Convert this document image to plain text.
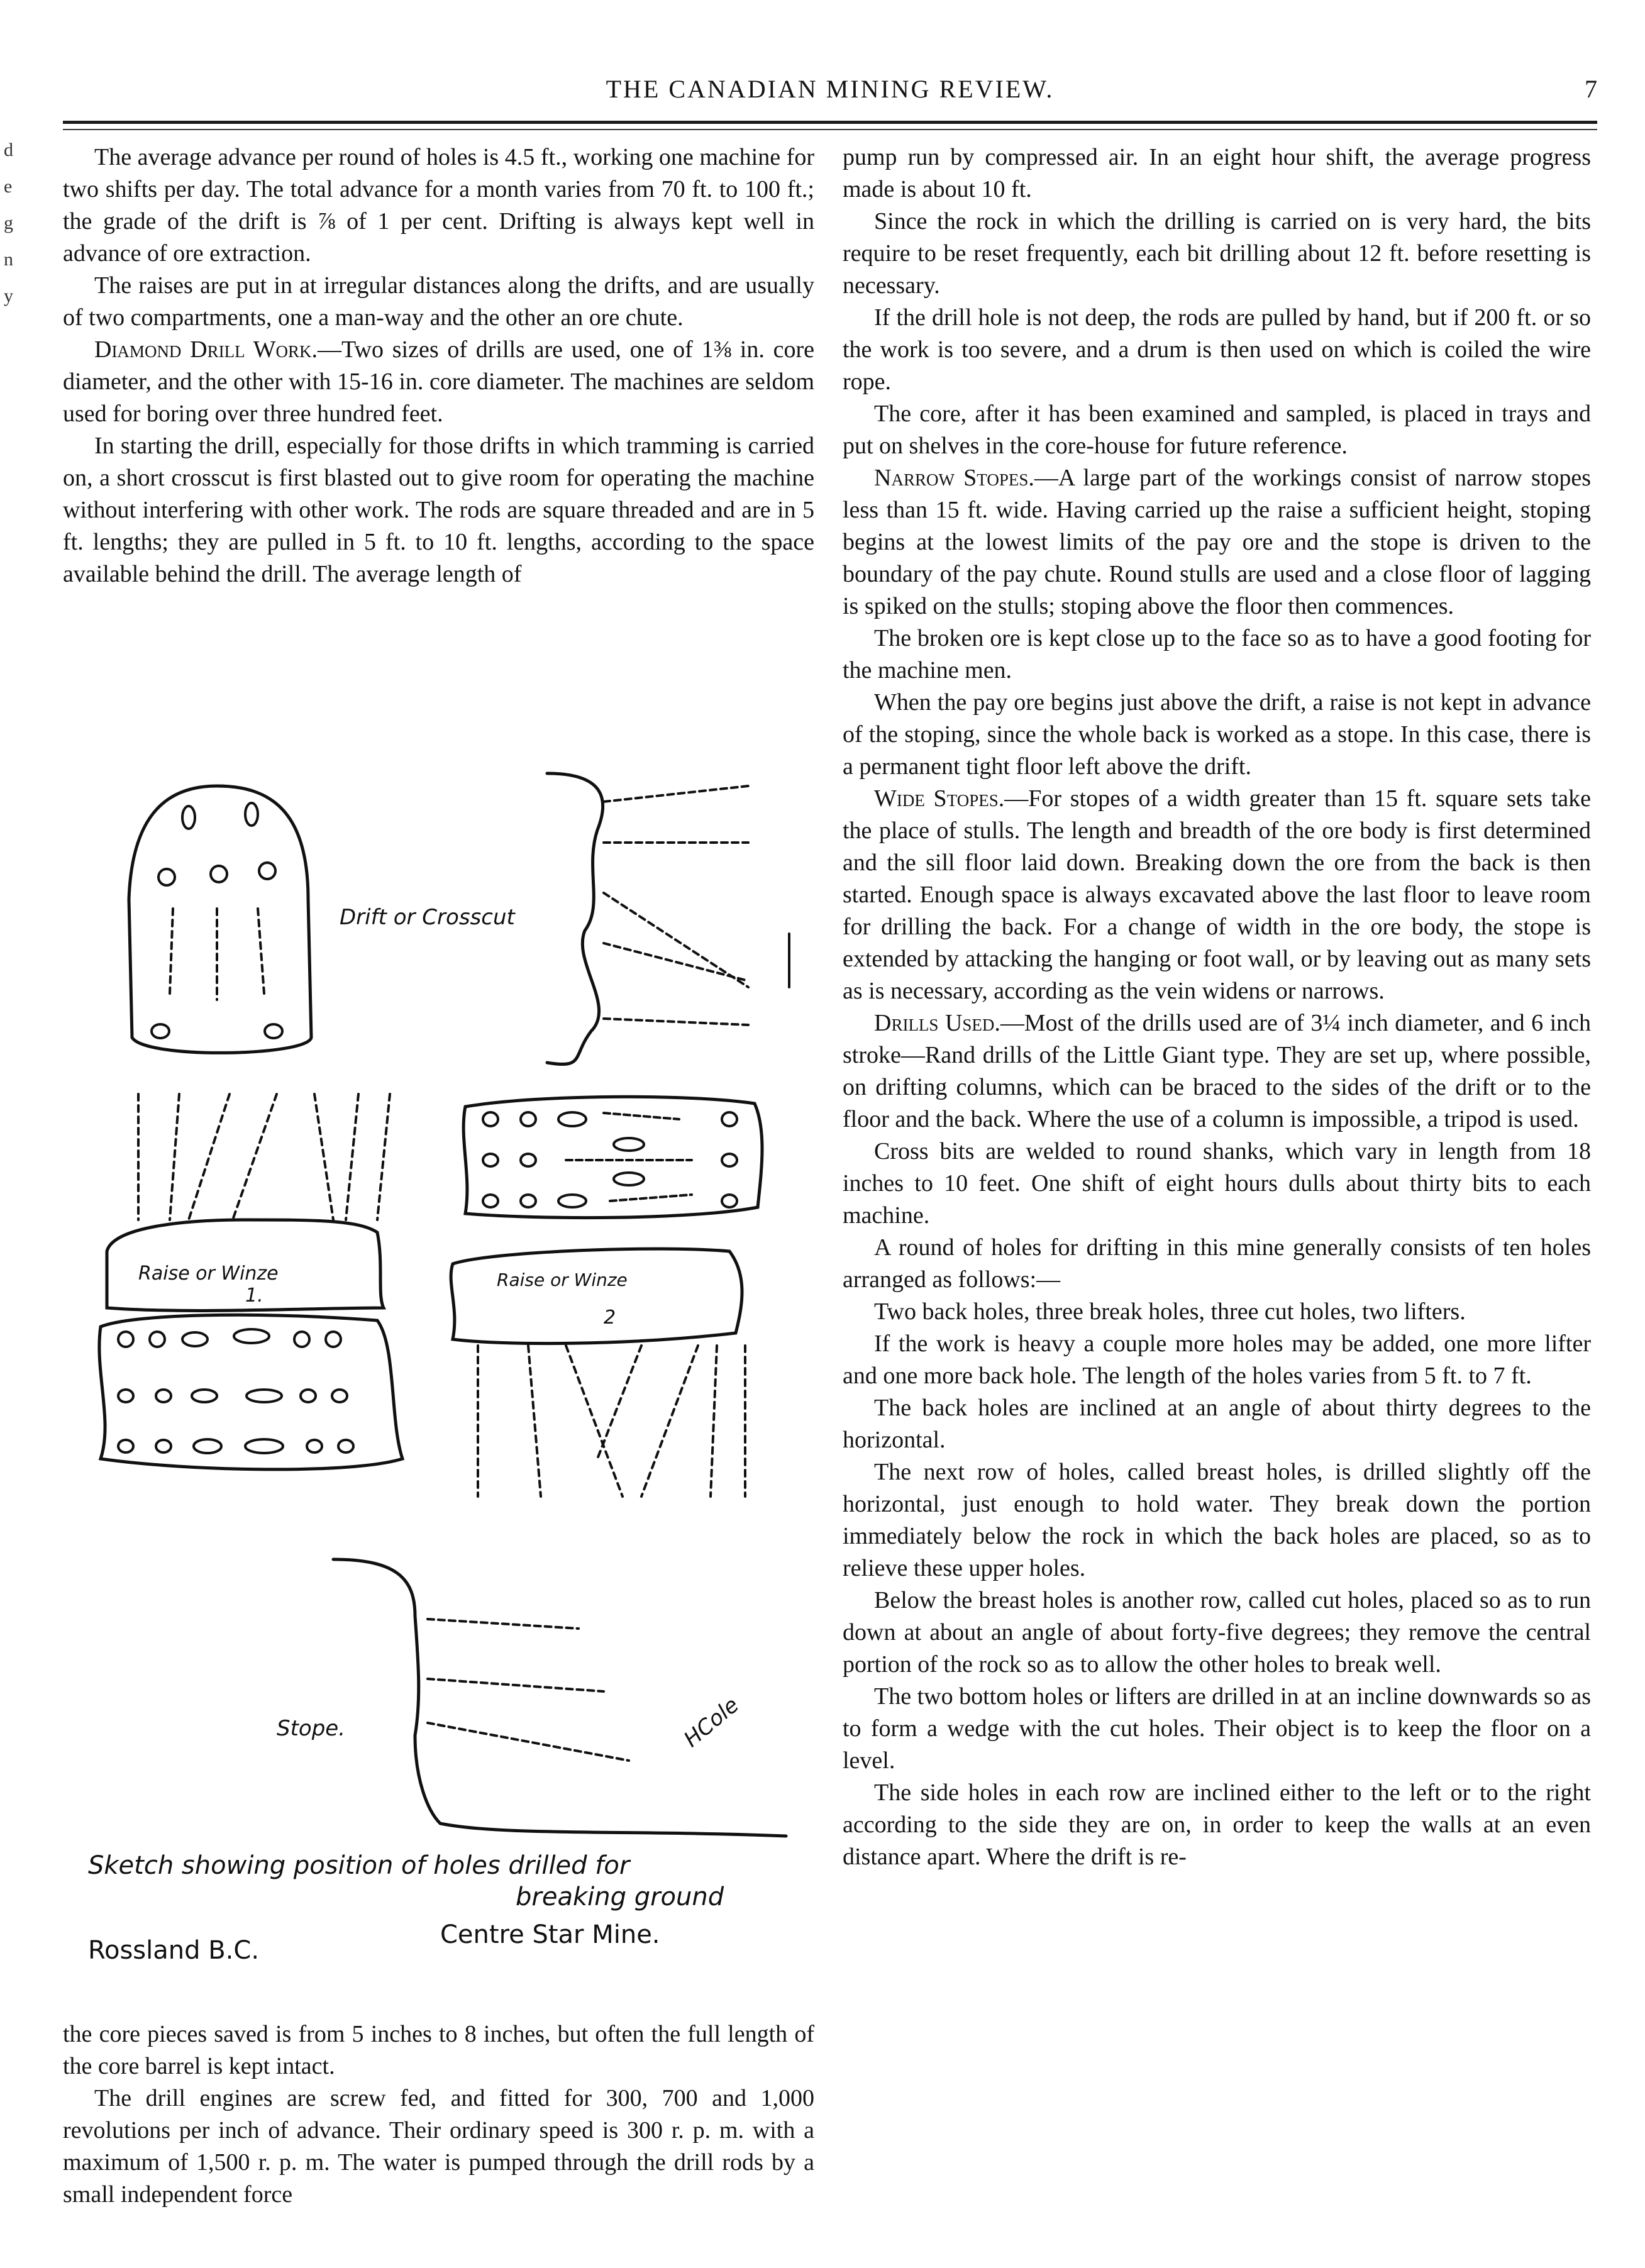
THE CANADIAN MINING REVIEW.	7
d
e
g
n
y

The average advance per round of holes is 4.5 ft., working one machine for two shifts per day. The total advance for a month varies from 70 ft. to 100 ft.; the grade of the drift is ⅞ of 1 per cent. Drifting is always kept well in advance of ore extraction.

The raises are put in at irregular distances along the drifts, and are usually of two compartments, one a man-way and the other an ore chute.

Diamond Drill Work.—Two sizes of drills are used, one of 1⅜ in. core diameter, and the other with 15-16 in. core diameter. The machines are seldom used for boring over three hundred feet.

In starting the drill, especially for those drifts in which tramming is carried on, a short crosscut is first blasted out to give room for operating the machine without interfering with other work. The rods are square threaded and are in 5 ft. lengths; they are pulled in 5 ft. to 10 ft. lengths, according to the space available behind the drill. The average length of

Drift or Crosscut
Raise or Winze
1.
Raise or Winze
2
Stope.	HCole
Sketch showing position of holes drilled for
breaking ground
Rossland B.C.
Centre Star Mine.

the core pieces saved is from 5 inches to 8 inches, but often the full length of the core barrel is kept intact.

The drill engines are screw fed, and fitted for 300, 700 and 1,000 revolutions per inch of advance. Their ordinary speed is 300 r. p. m. with a maximum of 1,500 r. p. m. The water is pumped through the drill rods by a small independent force

pump run by compressed air. In an eight hour shift, the average progress made is about 10 ft.

Since the rock in which the drilling is carried on is very hard, the bits require to be reset frequently, each bit drilling about 12 ft. before resetting is necessary.

If the drill hole is not deep, the rods are pulled by hand, but if 200 ft. or so the work is too severe, and a drum is then used on which is coiled the wire rope.

The core, after it has been examined and sampled, is placed in trays and put on shelves in the core-house for future reference.

Narrow Stopes.—A large part of the workings consist of narrow stopes less than 15 ft. wide. Having carried up the raise a sufficient height, stoping begins at the lowest limits of the pay ore and the stope is driven to the boundary of the pay chute. Round stulls are used and a close floor of lagging is spiked on the stulls; stoping above the floor then commences.

The broken ore is kept close up to the face so as to have a good footing for the machine men.

When the pay ore begins just above the drift, a raise is not kept in advance of the stoping, since the whole back is worked as a stope. In this case, there is a permanent tight floor left above the drift.

Wide Stopes.—For stopes of a width greater than 15 ft. square sets take the place of stulls. The length and breadth of the ore body is first determined and the sill floor laid down. Breaking down the ore from the back is then started. Enough space is always excavated above the last floor to leave room for drilling the back. For a change of width in the ore body, the stope is extended by attacking the hanging or foot wall, or by leaving out as many sets as is necessary, according as the vein widens or narrows.

Drills Used.—Most of the drills used are of 3¼ inch diameter, and 6 inch stroke—Rand drills of the Little Giant type. They are set up, where possible, on drifting columns, which can be braced to the sides of the drift or to the floor and the back. Where the use of a column is impossible, a tripod is used.

Cross bits are welded to round shanks, which vary in length from 18 inches to 10 feet. One shift of eight hours dulls about thirty bits to each machine.

A round of holes for drifting in this mine generally consists of ten holes arranged as follows:—

Two back holes, three break holes, three cut holes, two lifters.

If the work is heavy a couple more holes may be added, one more lifter and one more back hole. The length of the holes varies from 5 ft. to 7 ft.

The back holes are inclined at an angle of about thirty degrees to the horizontal.

The next row of holes, called breast holes, is drilled slightly off the horizontal, just enough to hold water. They break down the portion immediately below the rock in which the back holes are placed, so as to relieve these upper holes.

Below the breast holes is another row, called cut holes, placed so as to run down at about an angle of about forty-five degrees; they remove the central portion of the rock so as to allow the other holes to break well.

The two bottom holes or lifters are drilled in at an incline downwards so as to form a wedge with the cut holes. Their object is to keep the floor on a level.

The side holes in each row are inclined either to the left or to the right according to the side they are on, in order to keep the walls at an even distance apart. Where the drift is re-
